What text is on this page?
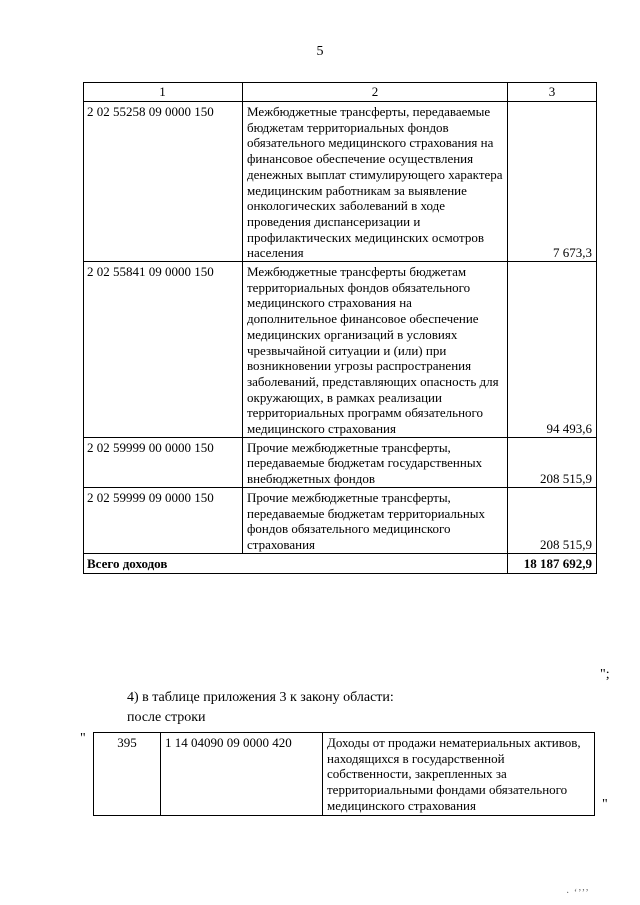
5
1	2	3
2 02 55258 09 0000 150	Межбюджетные трансферты, передаваемые бюджетам территориальных фондов обязательного медицинского страхования на финансовое обеспечение осуществления денежных выплат стимулирующего характера медицинским работникам за выявление онкологических заболеваний в ходе проведения диспансеризации и профилактических медицинских осмотров населения	7 673,3
2 02 55841 09 0000 150	Межбюджетные трансферты бюджетам территориальных фондов обязательного медицинского страхования на дополнительное финансовое обеспечение медицинских организаций в условиях чрезвычайной ситуации и (или) при возникновении угрозы распространения заболеваний, представляющих опасность для окружающих, в рамках реализации территориальных программ обязательного медицинского страхования	94 493,6
2 02 59999 00 0000 150	Прочие межбюджетные трансферты, передаваемые бюджетам государственных внебюджетных фондов	208 515,9
2 02 59999 09 0000 150	Прочие межбюджетные трансферты, передаваемые бюджетам территориальных фондов обязательного медицинского страхования	208 515,9
Всего доходов		18 187 692,9
";
4) в таблице приложения 3 к закону области:
после строки
" 395	1 14 04090 09 0000 420	Доходы от продажи нематериальных активов, находящихся в государственной собственности, закрепленных за территориальными фондами обязательного медицинского страхования	"
· ‘’’’
